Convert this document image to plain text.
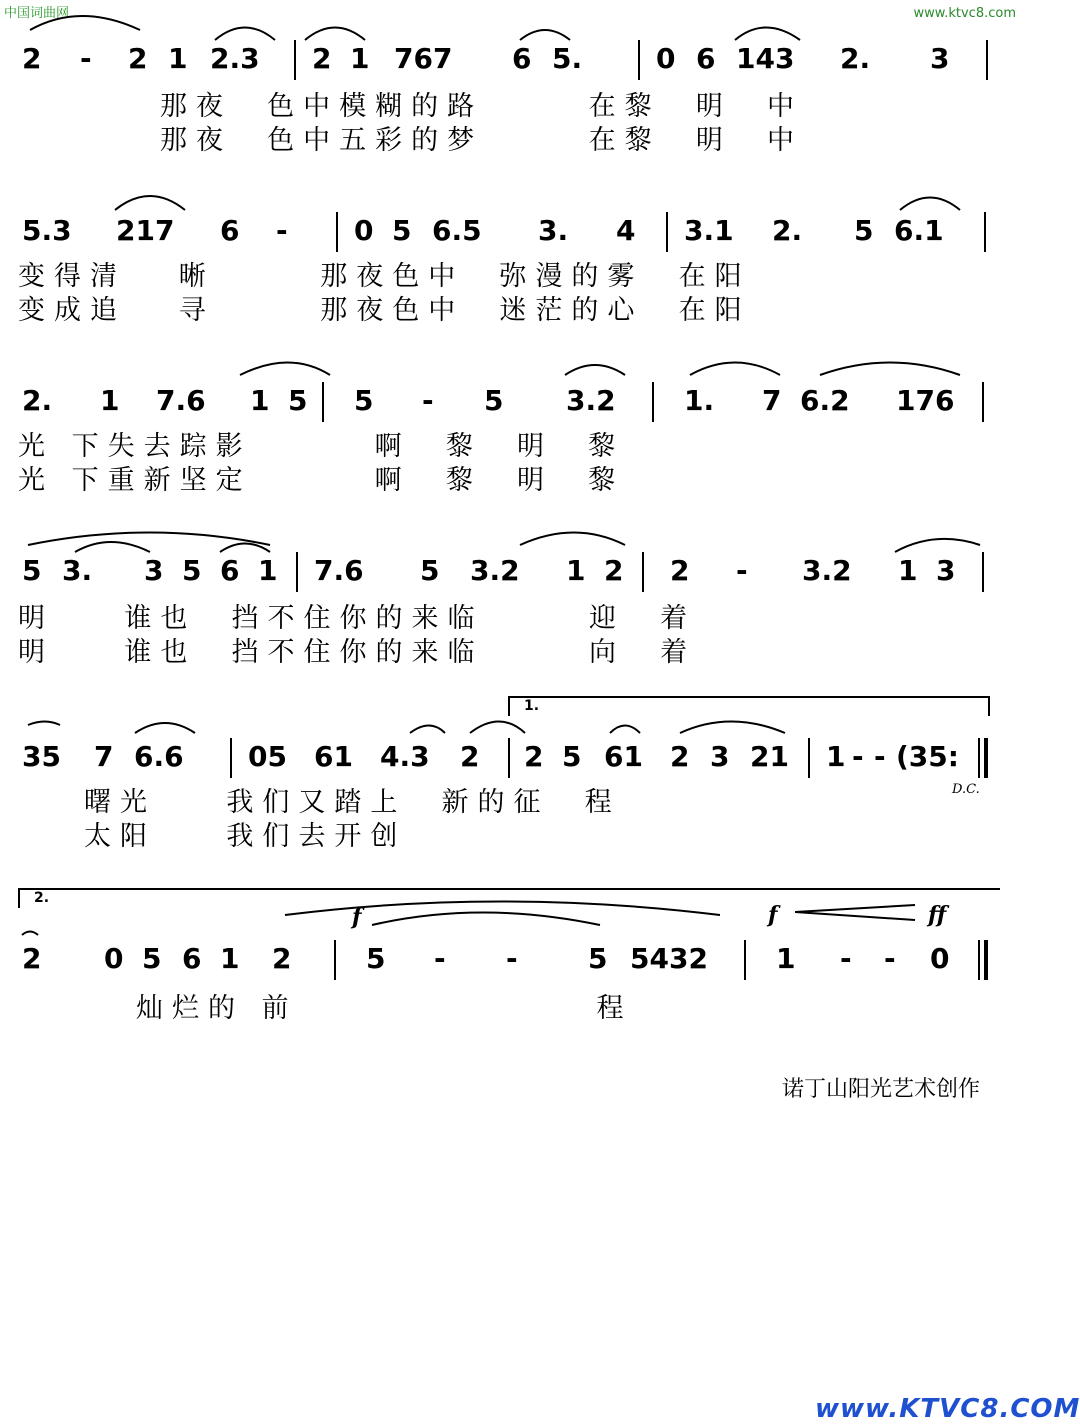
中国词曲网	www.ktvc8.com
2 - 2 1 2.3 2 1 767 6 5.	0 6 143 2. 3
那夜  色中模糊的路      在黎  明  中
那夜  色中五彩的梦      在黎  明  中
5.3 217 6 - 0 5 6.5 3. 4 3.1 2. 5 6.1
变得清   晰      那夜色中  弥漫的雾  在阳
变成追   寻      那夜色中  迷茫的心  在阳
2. 1 7.6 1 5 5 - 5 3.2 1. 7 6.2 176
光 下失去踪影       啊  黎  明  黎
光 下重新坚定       啊  黎  明  黎
5 3. 3 5 6 1 7.6 5 3.2 1 2 2 - 3.2 1 3
明    谁也  挡不住你的来临      迎  着
明    谁也  挡不住你的来临      向  着
1.
35 7 6.6 05 61 4.3 2 2 5 61 2 3 21 1 - - (35:
D.C.
曙光    我们又踏上  新的征  程
太阳    我们去开创
2.
f	f	ff
2 0 5 6 1 2	5 - -	5 5432 1 - - 0
灿烂的 前                 程
诺丁山阳光艺术创作
www.KTVC8.COM
